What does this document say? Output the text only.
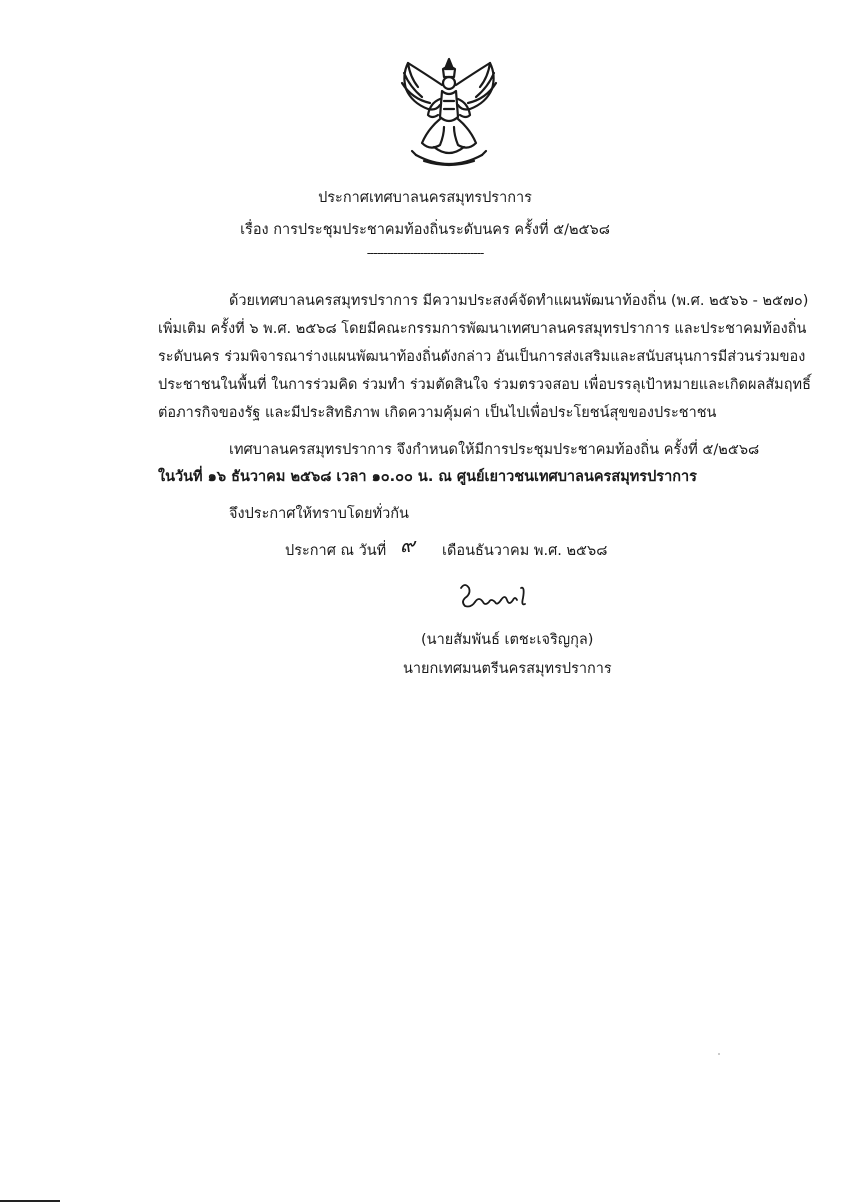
ประกาศเทศบาลนครสมุทรปราการ
เรื่อง การประชุมประชาคมท้องถิ่นระดับนคร ครั้งที่ ๕/๒๕๖๘
-----------------------------------
ด้วยเทศบาลนครสมุทรปราการ มีความประสงค์จัดทำแผนพัฒนาท้องถิ่น (พ.ศ. ๒๕๖๖ - ๒๕๗๐)
เพิ่มเติม ครั้งที่ ๖ พ.ศ. ๒๕๖๘ โดยมีคณะกรรมการพัฒนาเทศบาลนครสมุทรปราการ และประชาคมท้องถิ่น
ระดับนคร ร่วมพิจารณาร่างแผนพัฒนาท้องถิ่นดังกล่าว อันเป็นการส่งเสริมและสนับสนุนการมีส่วนร่วมของ
ประชาชนในพื้นที่ ในการร่วมคิด ร่วมทำ ร่วมตัดสินใจ ร่วมตรวจสอบ เพื่อบรรลุเป้าหมายและเกิดผลสัมฤทธิ์
ต่อภารกิจของรัฐ และมีประสิทธิภาพ เกิดความคุ้มค่า เป็นไปเพื่อประโยชน์สุขของประชาชน
เทศบาลนครสมุทรปราการ จึงกำหนดให้มีการประชุมประชาคมท้องถิ่น ครั้งที่ ๕/๒๕๖๘
ในวันที่ ๑๖ ธันวาคม ๒๕๖๘ เวลา ๑๐.๐๐ น. ณ ศูนย์เยาวชนเทศบาลนครสมุทรปราการ
จึงประกาศให้ทราบโดยทั่วกัน
ประกาศ ณ วันที่ ๙ เดือนธันวาคม พ.ศ. ๒๕๖๘
(นายสัมพันธ์ เตชะเจริญกุล)
นายกเทศมนตรีนครสมุทรปราการ
